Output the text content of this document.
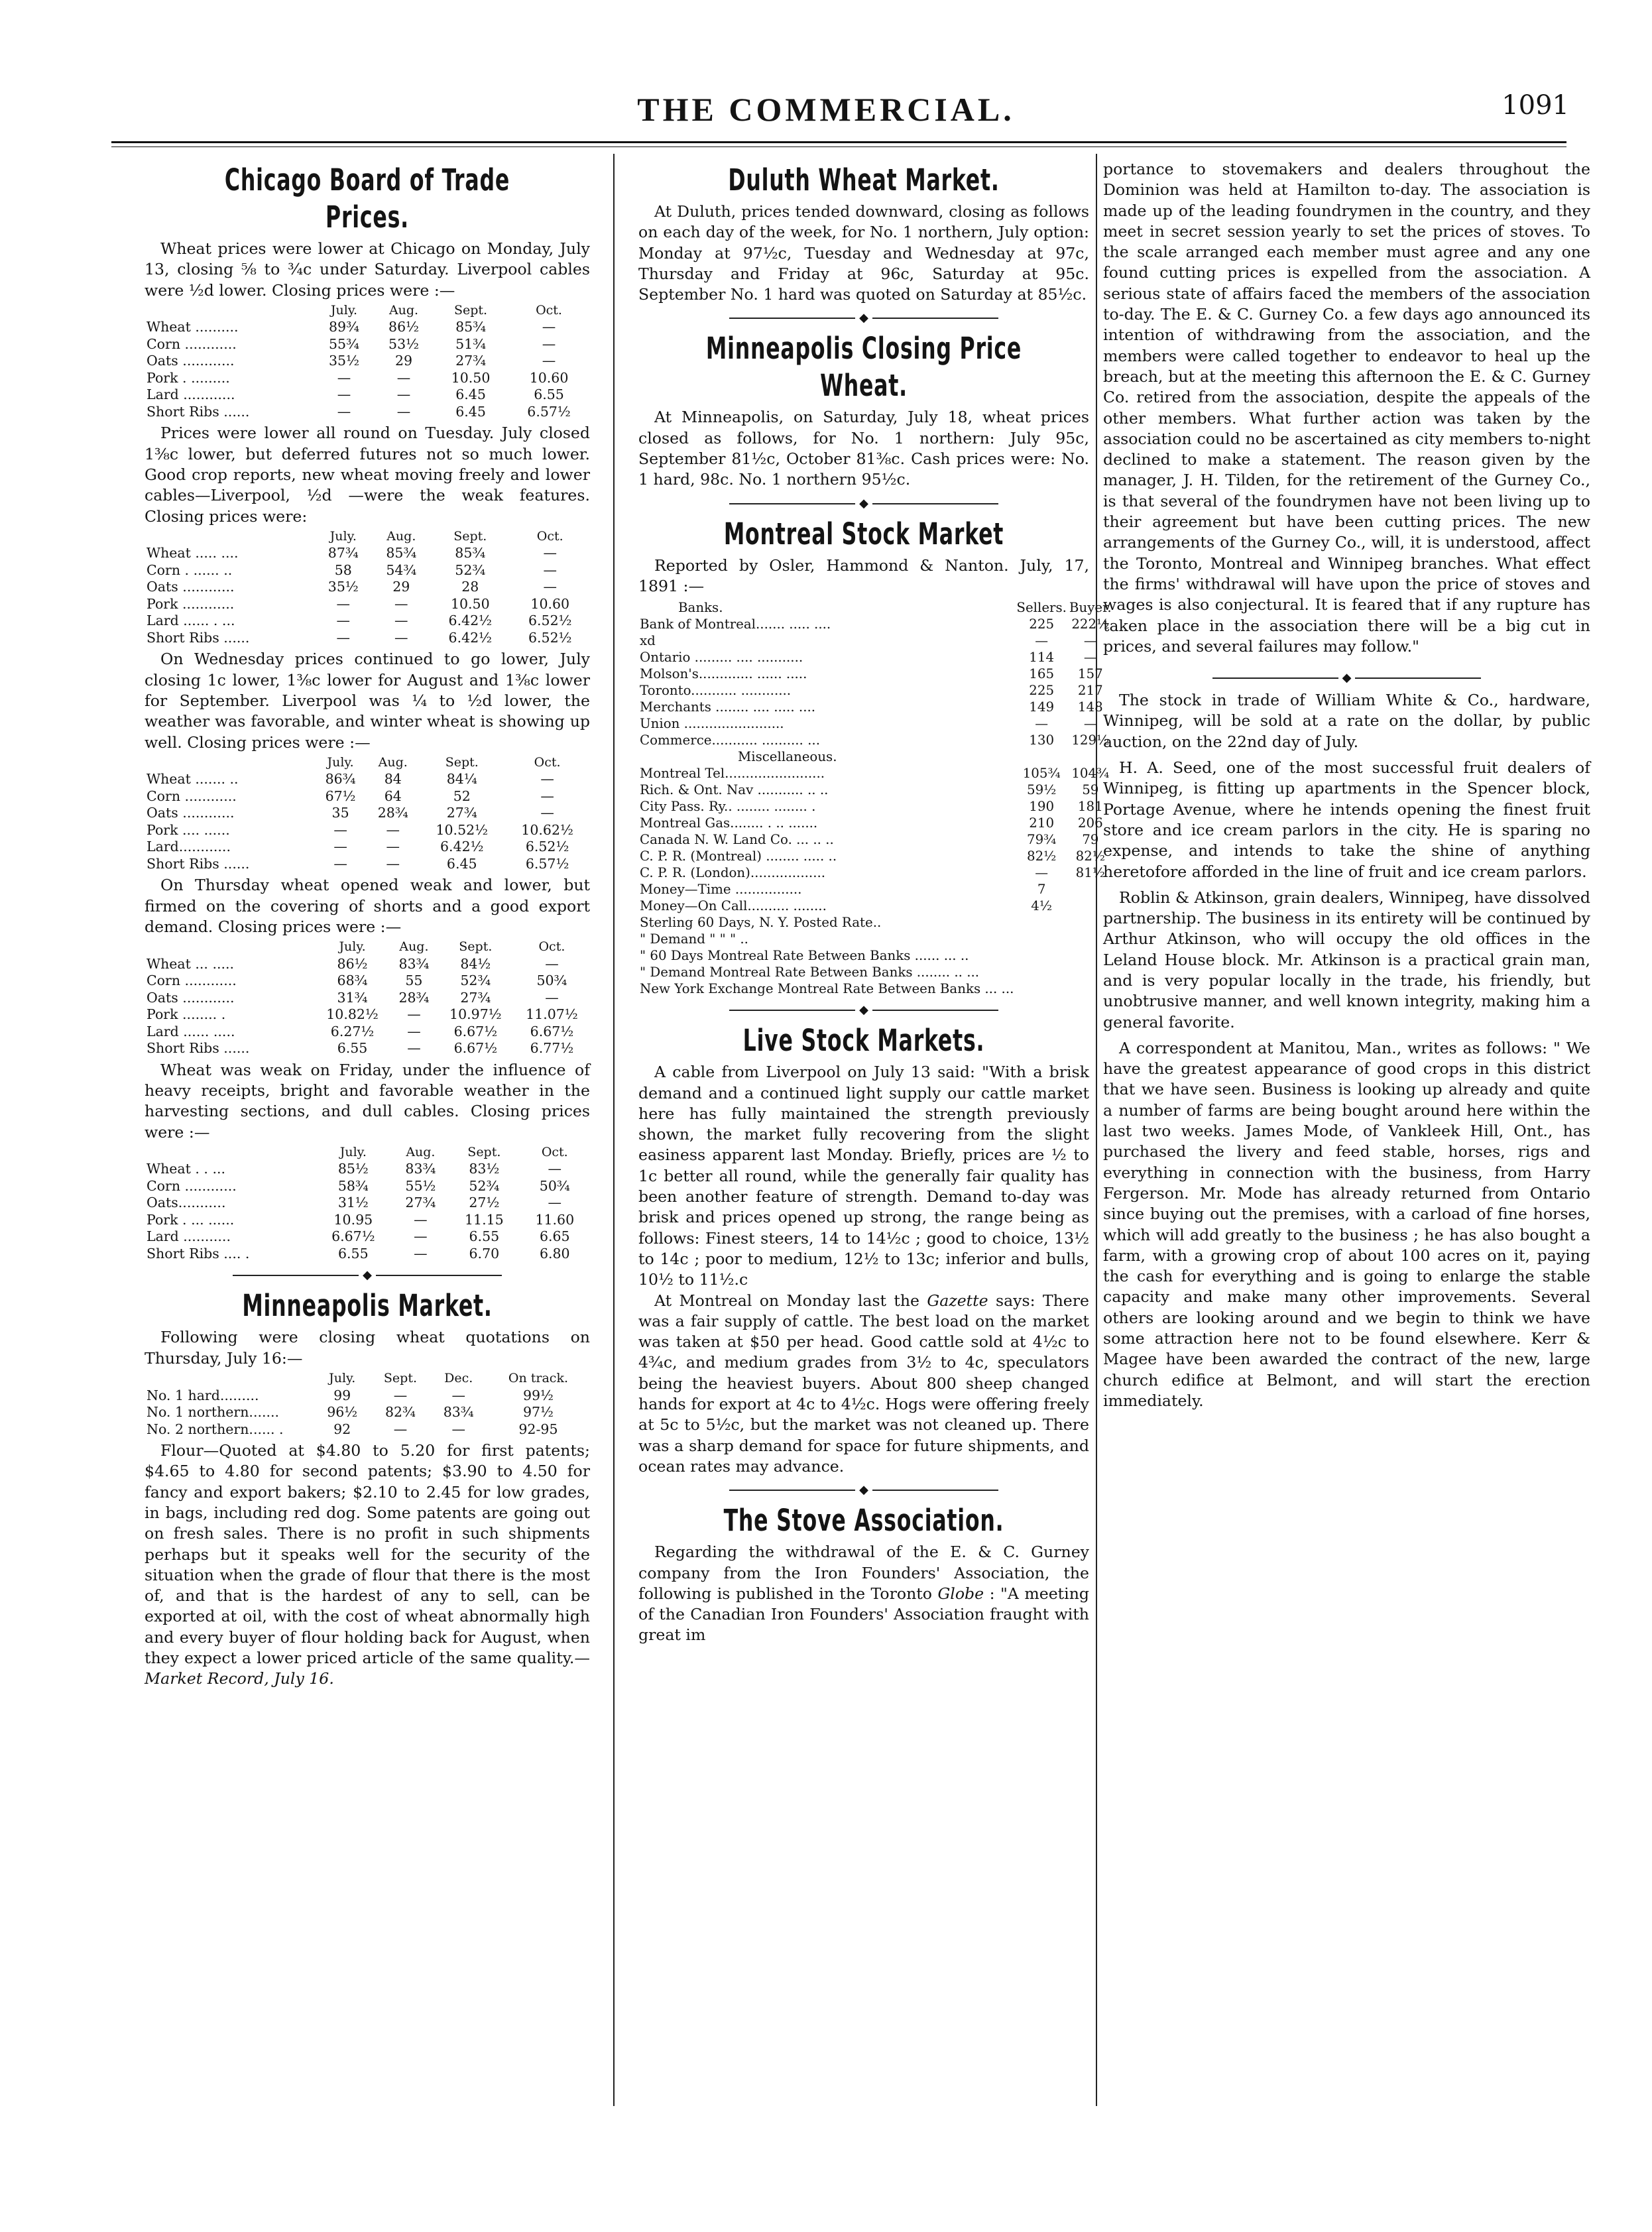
THE COMMERCIAL.	1091
Chicago Board of Trade Prices.

Wheat prices were lower at Chicago on Monday, July 13, closing ⅝ to ¾c under Saturday. Liverpool cables were ½d lower. Closing prices were :—

	July.	Aug.	Sept.	Oct.
Wheat ..........	89¾	86½	85¾	—
Corn ............	55¾	53½	51¾	—
Oats ............	35½	29	27¾	—
Pork . .........	—	—	10.50	10.60
Lard ............	—	—	6.45	6.55
Short Ribs ......	—	—	6.45	6.57½

Prices were lower all round on Tuesday. July closed 1⅜c lower, but deferred futures not so much lower. Good crop reports, new wheat moving freely and lower cables—Liverpool, ½d —were the weak features. Closing prices were:

	July.	Aug.	Sept.	Oct.
Wheat ..... ....	87¾	85¾	85¾	—
Corn . ...... ..	58	54¾	52¾	—
Oats ............	35½	29	28	—
Pork ............	—	—	10.50	10.60
Lard ...... . ...	—	—	6.42½	6.52½
Short Ribs ......	—	—	6.42½	6.52½

On Wednesday prices continued to go lower, July closing 1c lower, 1⅜c lower for August and 1⅜c lower for September. Liverpool was ¼ to ½d lower, the weather was favorable, and winter wheat is showing up well. Closing prices were :—

	July.	Aug.	Sept.	Oct.
Wheat ....... ..	86¾	84	84¼	—
Corn ............	67½	64	52	—
Oats ............	35	28¾	27¾	—
Pork .... ......	—	—	10.52½	10.62½
Lard............	—	—	6.42½	6.52½
Short Ribs ......	—	—	6.45	6.57½

On Thursday wheat opened weak and lower, but firmed on the covering of shorts and a good export demand. Closing prices were :—

	July.	Aug.	Sept.	Oct.
Wheat ... .....	86½	83¾	84½	—
Corn ............	68¾	55	52¾	50¾
Oats ............	31¾	28¾	27¾	—
Pork ........ .	10.82½	—	10.97½	11.07½
Lard ...... .....	6.27½	—	6.67½	6.67½
Short Ribs ......	6.55	—	6.67½	6.77½

Wheat was weak on Friday, under the influence of heavy receipts, bright and favorable weather in the harvesting sections, and dull cables. Closing prices were :—

	July.	Aug.	Sept.	Oct.
Wheat . . ...	85½	83¾	83½	—
Corn ............	58¾	55½	52¾	50¾
Oats...........	31½	27¾	27½	—
Pork . ... ......	10.95	—	11.15	11.60
Lard ...........	6.67½	—	6.55	6.65
Short Ribs .... .	6.55	—	6.70	6.80
◆
Minneapolis Market.

Following were closing wheat quotations on Thursday, July 16:—

	July.	Sept.	Dec.	On track.
No. 1 hard.........	99	—	—	99½
No. 1 northern.......	96½	82¾	83¾	97½
No. 2 northern...... .	92	—	—	92-95

Flour—Quoted at $4.80 to 5.20 for first patents; $4.65 to 4.80 for second patents; $3.90 to 4.50 for fancy and export bakers; $2.10 to 2.45 for low grades, in bags, including red dog. Some patents are going out on fresh sales. There is no profit in such shipments perhaps but it speaks well for the security of the situation when the grade of flour that there is the most of, and that is the hardest of any to sell, can be exported at oil, with the cost of wheat abnormally high and every buyer of flour holding back for August, when they expect a lower priced article of the same quality.—Market Record, July 16.

Duluth Wheat Market.

At Duluth, prices tended downward, closing as follows on each day of the week, for No. 1 northern, July option: Monday at 97½c, Tuesday and Wednesday at 97c, Thursday and Friday at 96c, Saturday at 95c. September No. 1 hard was quoted on Saturday at 85½c.

◆
Minneapolis Closing Price Wheat.

At Minneapolis, on Saturday, July 18, wheat prices closed as follows, for No. 1 northern: July 95c, September 81½c, October 81⅜c. Cash prices were: No. 1 hard, 98c. No. 1 northern 95½c.

◆
Montreal Stock Market

Reported by Osler, Hammond & Nanton. July, 17, 1891 :—

Banks.	Sellers.	Buyer.
Bank of Montreal....... ..... ....	225	222½
xd	—	—
Ontario ......... .... ...........	114	—
Molson's............. ...... .....	165	157
Toronto........... ............	225	217
Merchants ........ .... ..... ....	149	148
Union ........................	—	—
Commerce........... .......... ...	130	129½
Miscellaneous.		
Montreal Tel........................	105¾	104¾
Rich. & Ont. Nav ........... .. ..	59½	59
City Pass. Ry.. ........ ........ .	190	181
Montreal Gas........ . .. .......	210	206
Canada N. W. Land Co. ... .. ..	79¾	79
C. P. R. (Montreal) ........ ..... ..	82½	82½
C. P. R. (London)..................	—	81½
Money—Time ................	7	
Money—On Call.......... ........	4½	
Sterling 60 Days, N. Y. Posted Rate..		
" Demand " " " ..		
" 60 Days Montreal Rate Between Banks ...... ... ..		
" Demand Montreal Rate Between Banks ........ .. ...		
New York Exchange Montreal Rate Between Banks ... ...		
◆
Live Stock Markets.

A cable from Liverpool on July 13 said: "With a brisk demand and a continued light supply our cattle market here has fully maintained the strength previously shown, the market fully recovering from the slight easiness apparent last Monday. Briefly, prices are ½ to 1c better all round, while the generally fair quality has been another feature of strength. Demand to-day was brisk and prices opened up strong, the range being as follows: Finest steers, 14 to 14½c ; good to choice, 13½ to 14c ; poor to medium, 12½ to 13c; inferior and bulls, 10½ to 11½.c

At Montreal on Monday last the Gazette says: There was a fair supply of cattle. The best load on the market was taken at $50 per head. Good cattle sold at 4½c to 4¾c, and medium grades from 3½ to 4c, speculators being the heaviest buyers. About 800 sheep changed hands for export at 4c to 4½c. Hogs were offering freely at 5c to 5½c, but the market was not cleaned up. There was a sharp demand for space for future shipments, and ocean rates may advance.

◆
The Stove Association.

Regarding the withdrawal of the E. & C. Gurney company from the Iron Founders' Association, the following is published in the Toronto Globe : "A meeting of the Canadian Iron Founders' Association fraught with great im

portance to stovemakers and dealers throughout the Dominion was held at Hamilton to-day. The association is made up of the leading foundrymen in the country, and they meet in secret session yearly to set the prices of stoves. To the scale arranged each member must agree and any one found cutting prices is expelled from the association. A serious state of affairs faced the members of the association to-day. The E. & C. Gurney Co. a few days ago announced its intention of withdrawing from the association, and the members were called together to endeavor to heal up the breach, but at the meeting this afternoon the E. & C. Gurney Co. retired from the association, despite the appeals of the other members. What further action was taken by the association could no be ascertained as city members to-night declined to make a statement. The reason given by the manager, J. H. Tilden, for the retirement of the Gurney Co., is that several of the foundrymen have not been living up to their agreement but have been cutting prices. The new arrangements of the Gurney Co., will, it is understood, affect the Toronto, Montreal and Winnipeg branches. What effect the firms' withdrawal will have upon the price of stoves and wages is also conjectural. It is feared that if any rupture has taken place in the association there will be a big cut in prices, and several failures may follow."

◆

The stock in trade of William White & Co., hardware, Winnipeg, will be sold at a rate on the dollar, by public auction, on the 22nd day of July.

H. A. Seed, one of the most successful fruit dealers of Winnipeg, is fitting up apartments in the Spencer block, Portage Avenue, where he intends opening the finest fruit store and ice cream parlors in the city. He is sparing no expense, and intends to take the shine of anything heretofore afforded in the line of fruit and ice cream parlors.

Roblin & Atkinson, grain dealers, Winnipeg, have dissolved partnership. The business in its entirety will be continued by Arthur Atkinson, who will occupy the old offices in the Leland House block. Mr. Atkinson is a practical grain man, and is very popular locally in the trade, his friendly, but unobtrusive manner, and well known integrity, making him a general favorite.

A correspondent at Manitou, Man., writes as follows: " We have the greatest appearance of good crops in this district that we have seen. Business is looking up already and quite a number of farms are being bought around here within the last two weeks. James Mode, of Vankleek Hill, Ont., has purchased the livery and feed stable, horses, rigs and everything in connection with the business, from Harry Fergerson. Mr. Mode has already returned from Ontario since buying out the premises, with a carload of fine horses, which will add greatly to the business ; he has also bought a farm, with a growing crop of about 100 acres on it, paying the cash for everything and is going to enlarge the stable capacity and make many other improvements. Several others are looking around and we begin to think we have some attraction here not to be found elsewhere. Kerr & Magee have been awarded the contract of the new, large church edifice at Belmont, and will start the erection immediately.
